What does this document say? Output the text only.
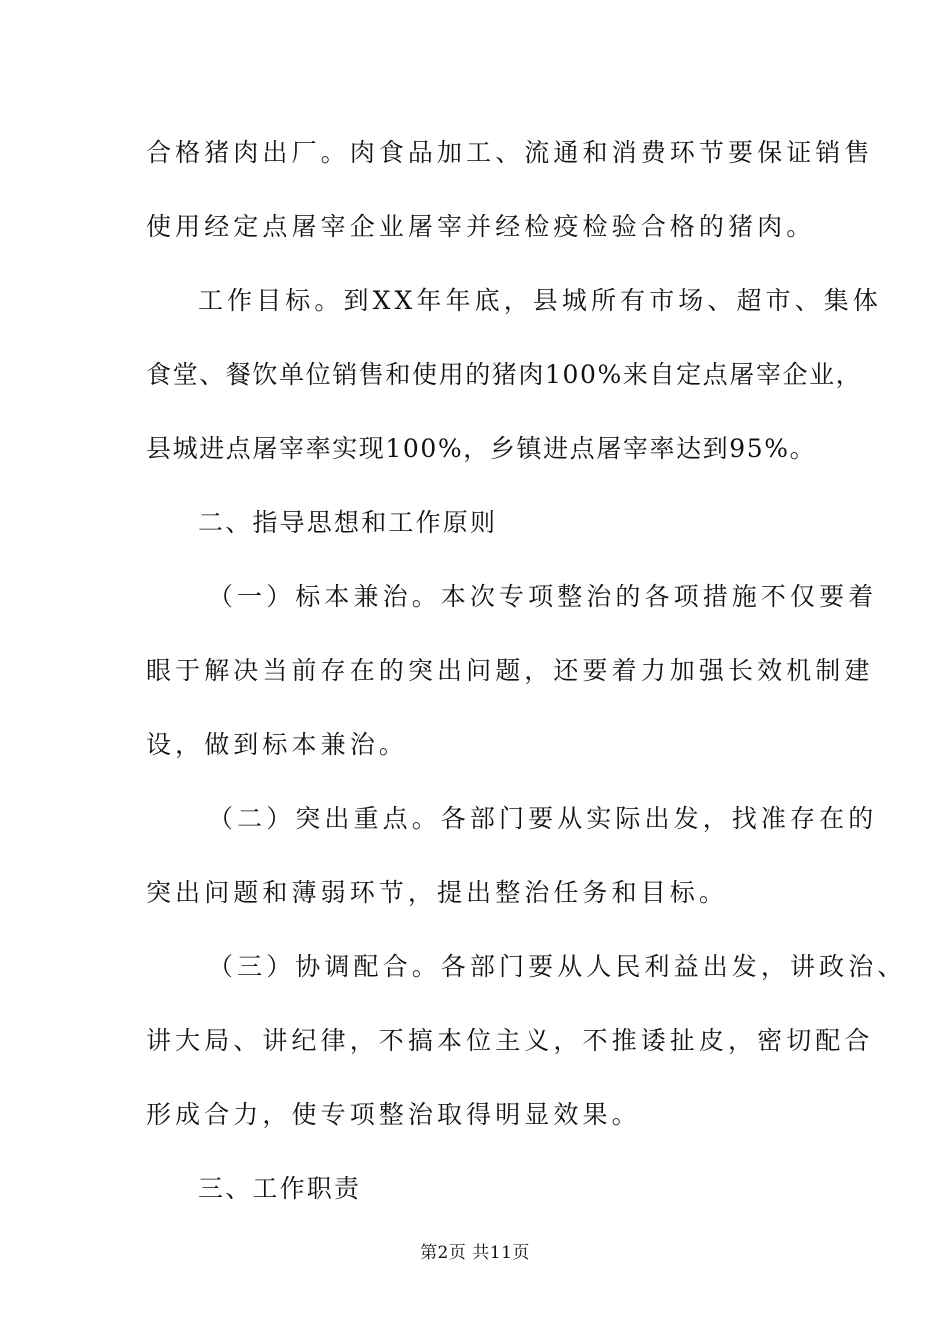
合格猪肉出厂。肉食品加工、流通和消费环节要保证销售
使用经定点屠宰企业屠宰并经检疫检验合格的猪肉。
工作目标。到XX年年底，县城所有市场、超市、集体
食堂、餐饮单位销售和使用的猪肉100%来自定点屠宰企业，
县城进点屠宰率实现100%，乡镇进点屠宰率达到95%。
二、指导思想和工作原则
（一）标本兼治。本次专项整治的各项措施不仅要着
眼于解决当前存在的突出问题，还要着力加强长效机制建
设，做到标本兼治。
（二）突出重点。各部门要从实际出发，找准存在的
突出问题和薄弱环节，提出整治任务和目标。
（三）协调配合。各部门要从人民利益出发，讲政治、
讲大局、讲纪律，不搞本位主义，不推诿扯皮，密切配合
形成合力，使专项整治取得明显效果。
三、工作职责
第2页 共11页
